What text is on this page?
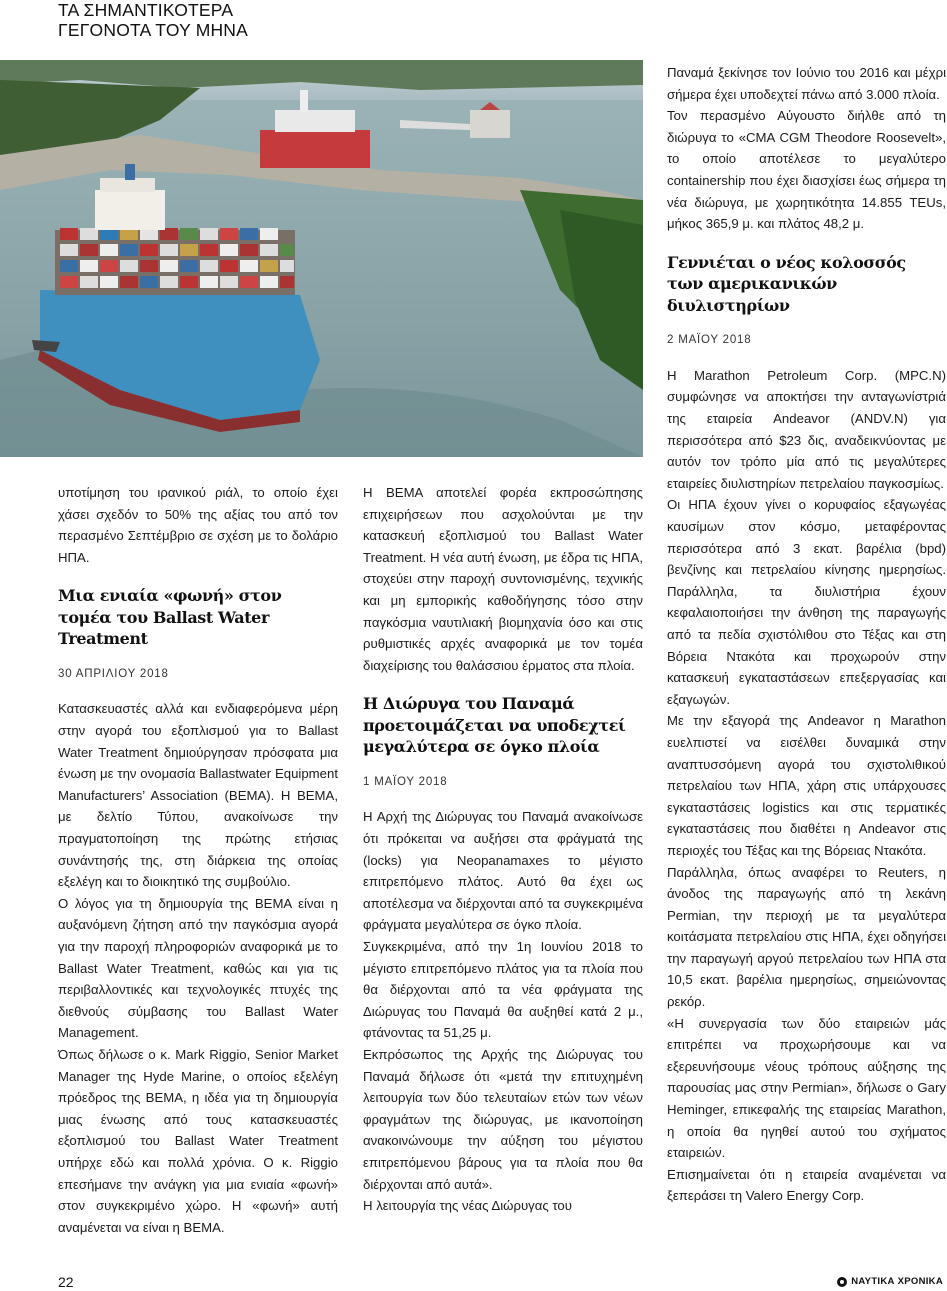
ΤΑ ΣΗΜΑΝΤΙΚΟΤΕΡΑ
ΓΕΓΟΝΟΤΑ ΤΟΥ ΜΗΝΑ

υποτίμηση του ιρανικού ριάλ, το οποίο έχει χάσει σχεδόν το 50% της αξίας του από τον περασμένο Σεπτέμβριο σε σχέση με το δολάριο ΗΠΑ.

Μια ενιαία «φωνή» στον τομέα του Ballast Water Treatment

30 ΑΠΡΙΛΙΟΥ 2018

Κατασκευαστές αλλά και ενδιαφερόμενα μέρη στην αγορά του εξοπλισμού για το Ballast Water Treatment δημιούργησαν πρόσφατα μια ένωση με την ονομασία Ballastwater Equipment Manufacturers’ Association (BEMA). Η BEMA, με δελτίο Τύπου, ανακοίνωσε την πραγματοποίηση της πρώτης ετήσιας συνάντησής της, στη διάρκεια της οποίας εξελέγη και το διοικητικό της συμβούλιο.

Ο λόγος για τη δημιουργία της BEMA είναι η αυξανόμενη ζήτηση από την παγκόσμια αγορά για την παροχή πληροφοριών αναφορικά με το Ballast Water Treatment, καθώς και για τις περιβαλλοντικές και τεχνολογικές πτυχές της διεθνούς σύμβασης του Ballast Water Management.

Όπως δήλωσε ο κ. Mark Riggio, Senior Market Manager της Hyde Marine, ο οποίος εξελέγη πρόεδρος της BEMA, η ιδέα για τη δημιουργία μιας ένωσης από τους κατασκευαστές εξοπλισμού του Ballast Water Treatment υπήρχε εδώ και πολλά χρόνια. Ο κ. Riggio επεσήμανε την ανάγκη για μια ενιαία «φωνή» στον συγκεκριμένο χώρο. Η «φωνή» αυτή αναμένεται να είναι η BEMA.

Η BEMA αποτελεί φορέα εκπροσώπησης επιχειρήσεων που ασχολούνται με την κατασκευή εξοπλισμού του Ballast Water Treatment. Η νέα αυτή ένωση, με έδρα τις ΗΠΑ, στοχεύει στην παροχή συντονισμένης, τεχνικής και μη εμπορικής καθοδήγησης τόσο στην παγκόσμια ναυτιλιακή βιομηχανία όσο και στις ρυθμιστικές αρχές αναφορικά με τον τομέα διαχείρισης του θαλάσσιου έρματος στα πλοία.

Η Διώρυγα του Παναμά προετοιμάζεται να υποδεχτεί μεγαλύτερα σε όγκο πλοία

1 ΜΑΪΟΥ 2018

Η Αρχή της Διώρυγας του Παναμά ανακοίνωσε ότι πρόκειται να αυξήσει στα φράγματά της (locks) για Neopanamaxes το μέγιστο επιτρεπόμενο πλάτος. Αυτό θα έχει ως αποτέλεσμα να διέρχονται από τα συγκεκριμένα φράγματα μεγαλύτερα σε όγκο πλοία.

Συγκεκριμένα, από την 1η Ιουνίου 2018 το μέγιστο επιτρεπόμενο πλάτος για τα πλοία που θα διέρχονται από τα νέα φράγματα της Διώρυγας του Παναμά θα αυξηθεί κατά 2 μ., φτάνοντας τα 51,25 μ.

Εκπρόσωπος της Αρχής της Διώρυγας του Παναμά δήλωσε ότι «μετά την επιτυχημένη λειτουργία των δύο τελευταίων ετών των νέων φραγμάτων της διώρυγας, με ικανοποίηση ανακοινώνουμε την αύξηση του μέγιστου επιτρεπόμενου βάρους για τα πλοία που θα διέρχονται από αυτά».

Η λειτουργία της νέας Διώρυγας του

Παναμά ξεκίνησε τον Ιούνιο του 2016 και μέχρι σήμερα έχει υποδεχτεί πάνω από 3.000 πλοία.

Τον περασμένο Αύγουστο διήλθε από τη διώρυγα το «CMA CGM Theodore Roosevelt», το οποίο αποτέλεσε το μεγαλύτερο containership που έχει διασχίσει έως σήμερα τη νέα διώρυγα, με χωρητικότητα 14.855 TEUs, μήκος 365,9 μ. και πλάτος 48,2 μ.

Γεννιέται ο νέος κολοσσός των αμερικανικών διυλιστηρίων

2 ΜΑΪΟΥ 2018

Η Marathon Petroleum Corp. (MPC.N) συμφώνησε να αποκτήσει την ανταγωνίστριά της εταιρεία Andeavor (ANDV.N) για περισσότερα από $23 δις, αναδεικνύοντας με αυτόν τον τρόπο μία από τις μεγαλύτερες εταιρείες διυλιστηρίων πετρελαίου παγκοσμίως.

Οι ΗΠΑ έχουν γίνει ο κορυφαίος εξαγωγέας καυσίμων στον κόσμο, μεταφέροντας περισσότερα από 3 εκατ. βαρέλια (bpd) βενζίνης και πετρελαίου κίνησης ημερησίως. Παράλληλα, τα διυλιστήρια έχουν κεφαλαιοποιήσει την άνθηση της παραγωγής από τα πεδία σχιστόλιθου στο Τέξας και στη Βόρεια Ντακότα και προχωρούν στην κατασκευή εγκαταστάσεων επεξεργασίας και εξαγωγών.

Με την εξαγορά της Andeavor η Marathon ευελπιστεί να εισέλθει δυναμικά στην αναπτυσσόμενη αγορά του σχιστολιθικού πετρελαίου των ΗΠΑ, χάρη στις υπάρχουσες εγκαταστάσεις logistics και στις τερματικές εγκαταστάσεις που διαθέτει η Andeavor στις περιοχές του Τέξας και της Βόρειας Ντακότα.

Παράλληλα, όπως αναφέρει το Reuters, η άνοδος της παραγωγής από τη λεκάνη Permian, την περιοχή με τα μεγαλύτερα κοιτάσματα πετρελαίου στις ΗΠΑ, έχει οδηγήσει την παραγωγή αργού πετρελαίου των ΗΠΑ στα 10,5 εκατ. βαρέλια ημερησίως, σημειώνοντας ρεκόρ.

«Η συνεργασία των δύο εταιρειών μάς επιτρέπει να προχωρήσουμε και να εξερευνήσουμε νέους τρόπους αύξησης της παρουσίας μας στην Permian», δήλωσε ο Gary Heminger, επικεφαλής της εταιρείας Marathon, η οποία θα ηγηθεί αυτού του σχήματος εταιρειών.

Επισημαίνεται ότι η εταιρεία αναμένεται να ξεπεράσει τη Valero Energy Corp.

22	ΝΑΥΤΙΚΑ ΧΡΟΝΙΚΑ
